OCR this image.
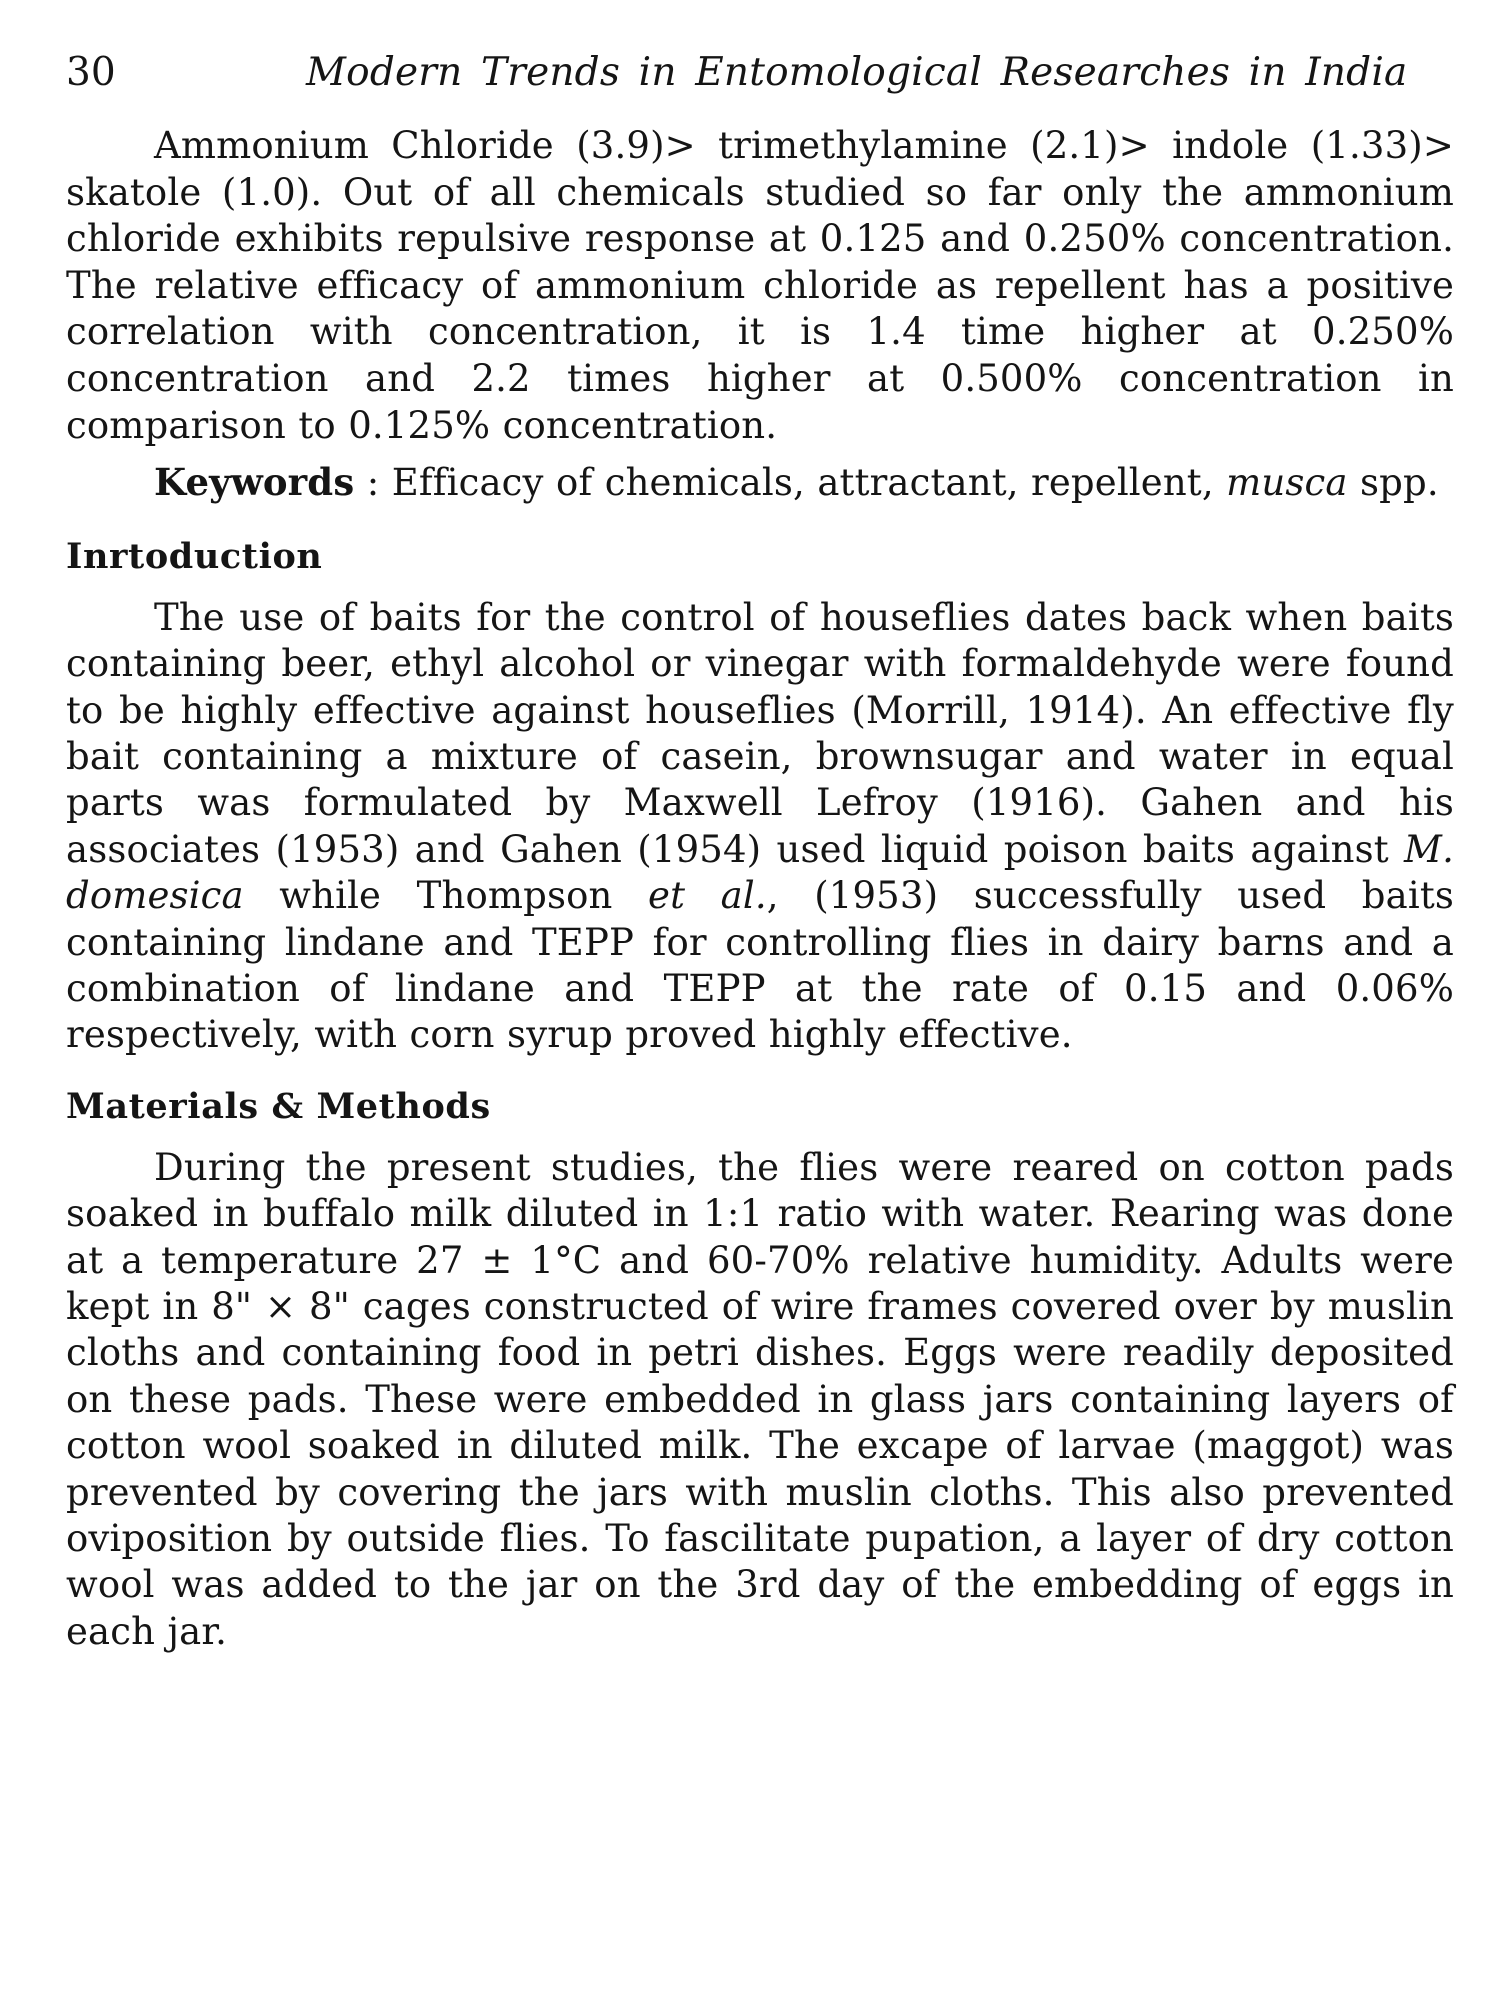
30	Modern Trends in Entomological Researches in India

Ammonium Chloride (3.9)> trimethylamine (2.1)> indole (1.33)> skatole (1.0). Out of all chemicals studied so far only the ammonium chloride exhibits repulsive response at 0.125 and 0.250% concentration. The relative efficacy of ammonium chloride as repellent has a positive correlation with concentration, it is 1.4 time higher at 0.250% concentration and 2.2 times higher at 0.500% concentration in comparison to 0.125% concentration.

Keywords : Efficacy of chemicals, attractant, repellent, musca spp.

Inrtoduction

The use of baits for the control of houseflies dates back when baits containing beer, ethyl alcohol or vinegar with formaldehyde were found to be highly effective against houseflies (Morrill, 1914). An effective fly bait containing a mixture of casein, brownsugar and water in equal parts was formulated by Maxwell Lefroy (1916). Gahen and his associates (1953) and Gahen (1954) used liquid poison baits against M. domesica while Thompson et al., (1953) successfully used baits containing lindane and TEPP for controlling flies in dairy barns and a combination of lindane and TEPP at the rate of 0.15 and 0.06% respectively, with corn syrup proved highly effective.

Materials & Methods

During the present studies, the flies were reared on cotton pads soaked in buffalo milk diluted in 1:1 ratio with water. Rearing was done at a temperature 27 ± 1°C and 60-70% relative humidity. Adults were kept in 8" × 8" cages constructed of wire frames covered over by muslin cloths and containing food in petri dishes. Eggs were readily deposited on these pads. These were embedded in glass jars containing layers of cotton wool soaked in diluted milk. The excape of larvae (maggot) was prevented by covering the jars with muslin cloths. This also prevented oviposition by outside flies. To fascilitate pupation, a layer of dry cotton wool was added to the jar on the 3rd day of the embedding of eggs in each jar.
